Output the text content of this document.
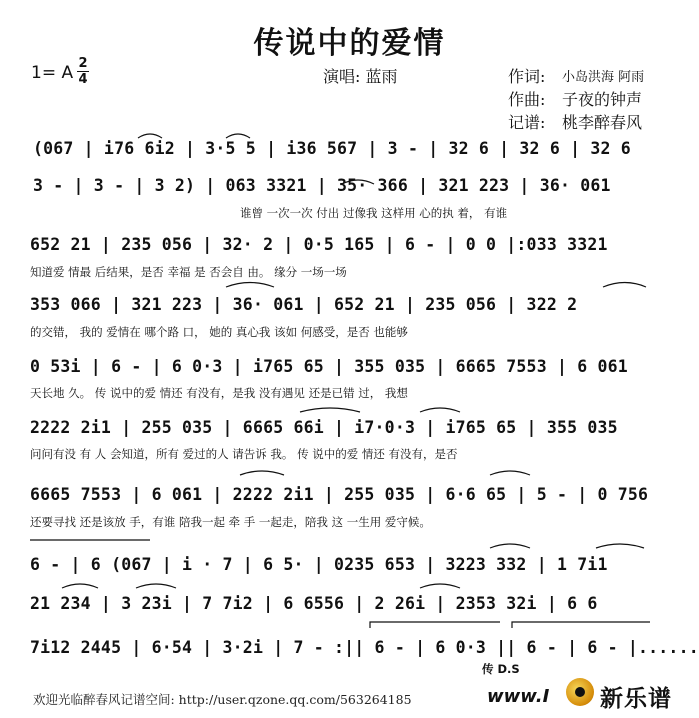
传说中的爱情
1= A 2
4	演唱: 蓝雨	作词: 小岛洪海 阿雨
作曲: 子夜的钟声
记谱: 桃李醉春风
(067 | i76 6i2 | 3·5 5 | i36 567 | 3 - | 32 6 | 32 6 | 32 6
3 - | 3 - | 3 2) | 063 3321 | 35· 366 | 321 223 | 36· 061
谁曾 一次一次 付出 过像我 这样用 心的执 着， 有谁
652 21 | 235 056 | 32· 2 | 0·5 165 | 6 - | 0 0 |:033 3321
知道爱 情最 后结果，是否 幸福 是 否会自 由。 缘分 一场一场
353 066 | 321 223 | 36· 061 | 652 21 | 235 056 | 322 2
的交错， 我的 爱情在 哪个路 口， 她的 真心我 该如 何感受，是否 也能够
0 53i | 6 - | 6 0·3 | i765 65 | 355 035 | 6665 7553 | 6 061
天长地 久。 传 说中的爱 情还 有没有，是我 没有遇见 还是已错 过， 我想
2222 2i1 | 255 035 | 6665 66i | i7·0·3 | i765 65 | 355 035
问问有没 有 人 会知道，所有 爱过的人 请告诉 我。 传 说中的爱 情还 有没有，是否
6665 7553 | 6 061 | 2222 2i1 | 255 035 | 6·6 65 | 5 - | 0 756
还要寻找 还是该放 手，有谁 陪我一起 牵 手 一起走，陪我 这 一生用 爱守候。
6 - | 6 (067 | i · 7 | 6 5· | 0235 653 | 3223 332 | 1 7i1
21 234 | 3 23i | 7 7i2 | 6 6556 | 2 26i | 2353 32i | 6 6
7i12 2445 | 6·54 | 3·2i | 7 - :|| 6 - | 6 0·3 || 6 - | 6 - |......
传 D.S
欢迎光临醉春风记谱空间: http://user.qzone.qq.com/563264185	www.I 新乐谱
